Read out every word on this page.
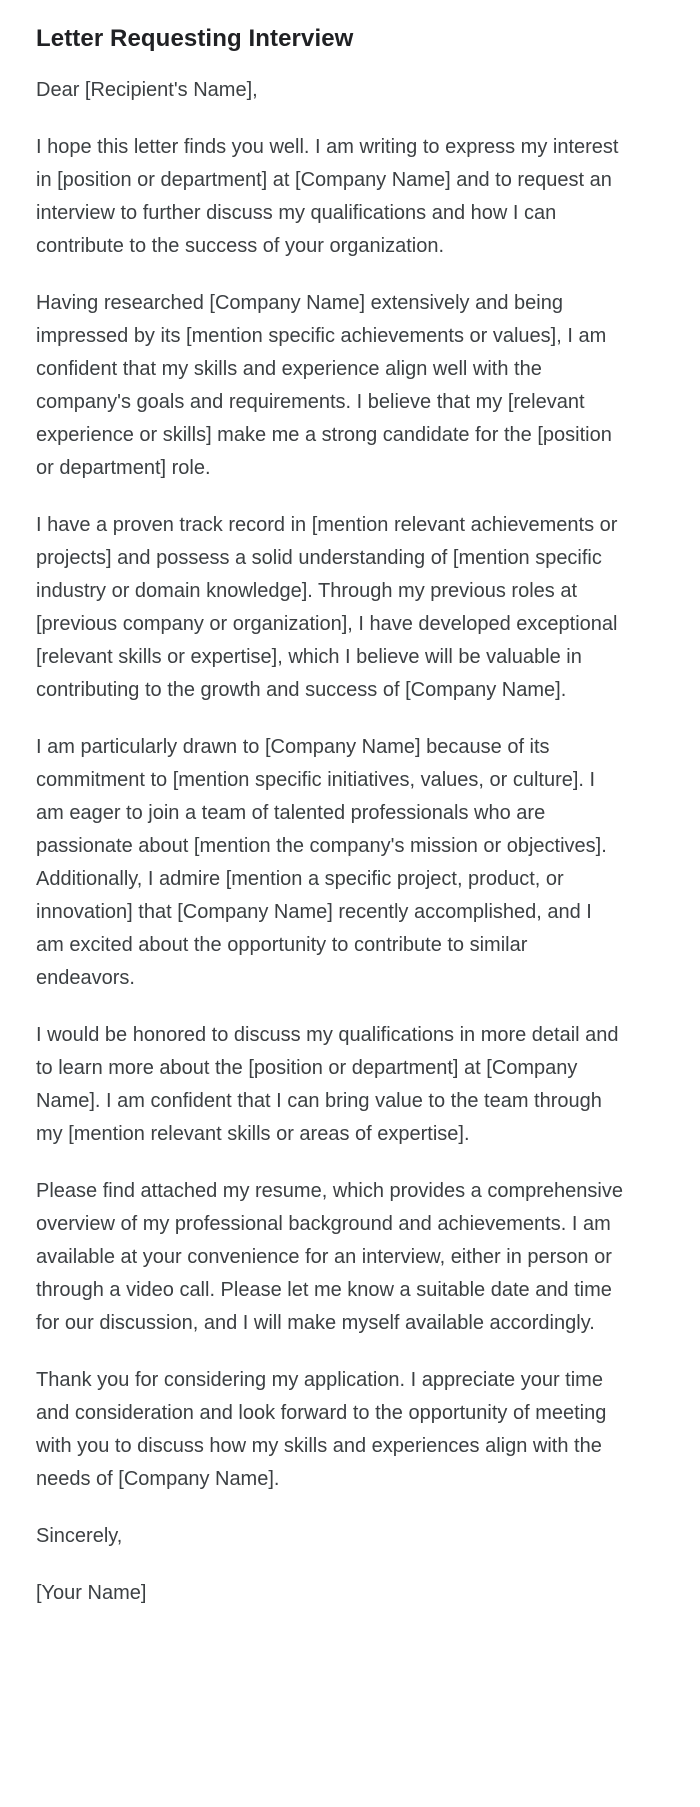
Letter Requesting Interview

Dear [Recipient's Name],

I hope this letter finds you well. I am writing to express my interest in [position or department] at [Company Name] and to request an interview to further discuss my qualifications and how I can contribute to the success of your organization.

Having researched [Company Name] extensively and being impressed by its [mention specific achievements or values], I am confident that my skills and experience align well with the company's goals and requirements. I believe that my [relevant experience or skills] make me a strong candidate for the [position or department] role.

I have a proven track record in [mention relevant achievements or projects] and possess a solid understanding of [mention specific industry or domain knowledge]. Through my previous roles at [previous company or organization], I have developed exceptional [relevant skills or expertise], which I believe will be valuable in contributing to the growth and success of [Company Name].

I am particularly drawn to [Company Name] because of its commitment to [mention specific initiatives, values, or culture]. I am eager to join a team of talented professionals who are passionate about [mention the company's mission or objectives]. Additionally, I admire [mention a specific project, product, or innovation] that [Company Name] recently accomplished, and I am excited about the opportunity to contribute to similar endeavors.

I would be honored to discuss my qualifications in more detail and to learn more about the [position or department] at [Company Name]. I am confident that I can bring value to the team through my [mention relevant skills or areas of expertise].

Please find attached my resume, which provides a comprehensive overview of my professional background and achievements. I am available at your convenience for an interview, either in person or through a video call. Please let me know a suitable date and time for our discussion, and I will make myself available accordingly.

Thank you for considering my application. I appreciate your time and consideration and look forward to the opportunity of meeting with you to discuss how my skills and experiences align with the needs of [Company Name].

Sincerely,

[Your Name]
